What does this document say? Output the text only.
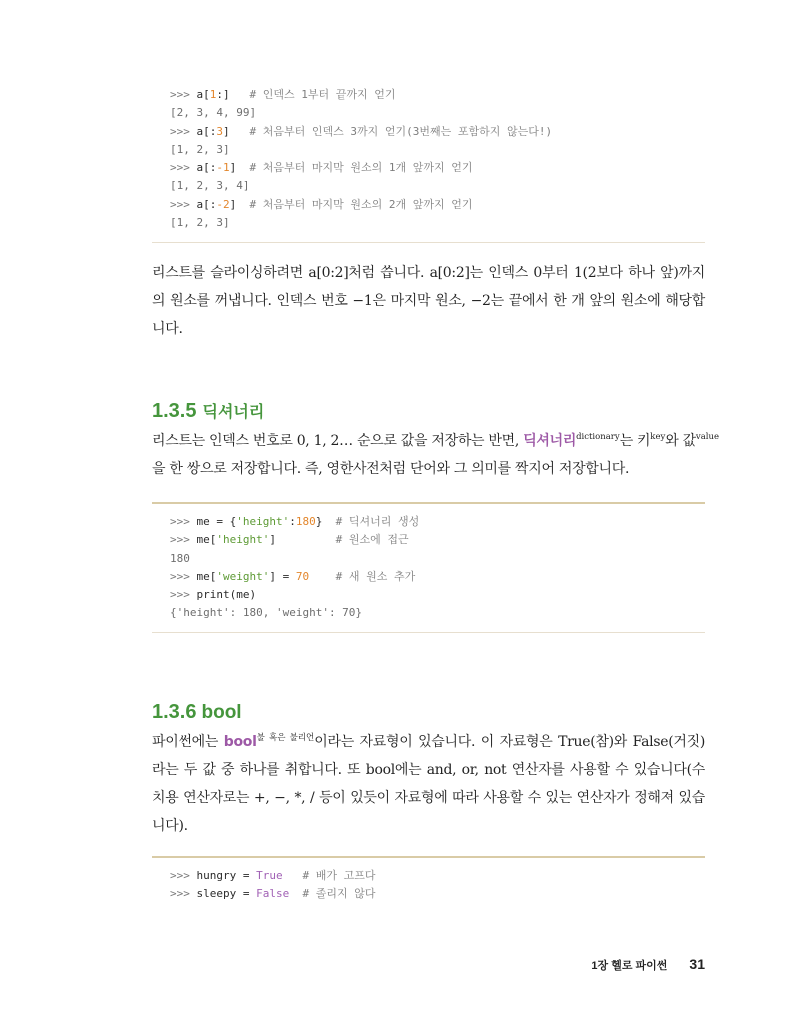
>>> a[1:]   # 인덱스 1부터 끝까지 얻기
[2, 3, 4, 99]
>>> a[:3]   # 처음부터 인덱스 3까지 얻기(3번째는 포함하지 않는다!)
[1, 2, 3]
>>> a[:-1]  # 처음부터 마지막 원소의 1개 앞까지 얻기
[1, 2, 3, 4]
>>> a[:-2]  # 처음부터 마지막 원소의 2개 앞까지 얻기
[1, 2, 3]
리스트를 슬라이싱하려면 a[0:2]처럼 씁니다. a[0:2]는 인덱스 0부터 1(2보다 하나 앞)까지
의 원소를 꺼냅니다. 인덱스 번호 −1은 마지막 원소, −2는 끝에서 한 개 앞의 원소에 해당합
니다.
1.3.5 딕셔너리
리스트는 인덱스 번호로 0, 1, 2… 순으로 값을 저장하는 반면, 딕셔너리$^{dictionary}$는 키$^{key}$와 값$^{value}$
을 한 쌍으로 저장합니다. 즉, 영한사전처럼 단어와 그 의미를 짝지어 저장합니다.
>>> me = {'height':180}  # 딕셔너리 생성
>>> me['height']         # 원소에 접근
180
>>> me['weight'] = 70    # 새 원소 추가
>>> print(me)
{'height': 180, 'weight': 70}
1.3.6 bool
파이썬에는 bool$^{불 혹은 불리언}$이라는 자료형이 있습니다. 이 자료형은 True(참)와 False(거짓)
라는 두 값 중 하나를 취합니다. 또 bool에는 and, or, not 연산자를 사용할 수 있습니다(수
치용 연산자로는 +, −, *, / 등이 있듯이 자료형에 따라 사용할 수 있는 연산자가 정해져 있습
니다).
>>> hungry = True   # 배가 고프다
>>> sleepy = False  # 졸리지 않다
1장 헬로 파이썬 31
